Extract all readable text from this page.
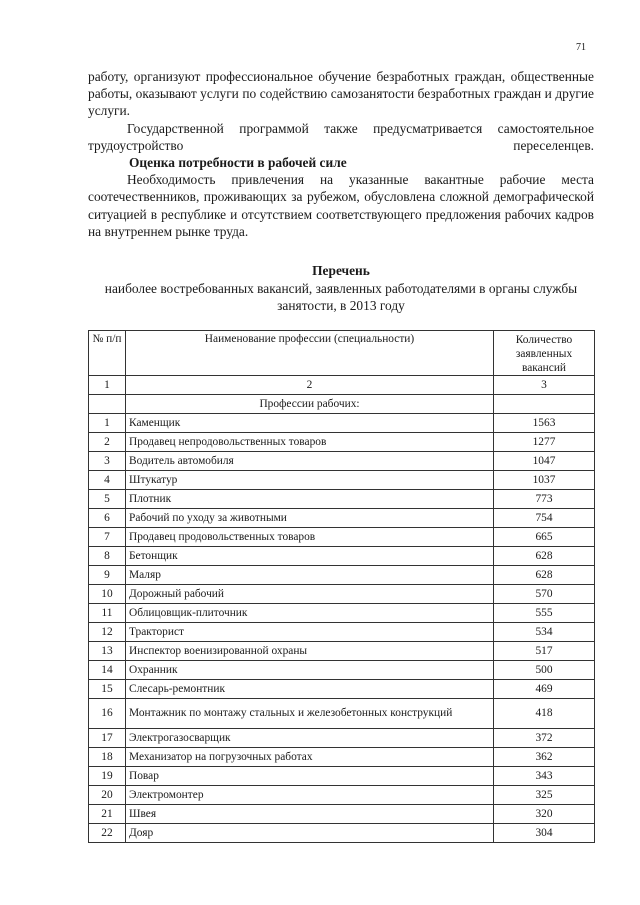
71

работу, организуют профессиональное обучение безработных граждан, общественные работы, оказывают услуги по содействию самозанятости безработных граждан и другие услуги.

Государственной программой также предусматривается самостоятельное трудоустройство переселенцев.

Оценка потребности в рабочей силе

Необходимость привлечения на указанные вакантные рабочие места соотечественников, проживающих за рубежом, обусловлена сложной демографической ситуацией в республике и отсутствием соответствующего предложения рабочих кадров на внутреннем рынке труда.

Перечень
наиболее востребованных вакансий, заявленных работодателями в органы службы занятости, в 2013 году
№ п/п	Наименование профессии (специальности)	Количество заявленных вакансий
1	2	3
	Профессии рабочих:	
1	Каменщик	1563
2	Продавец непродовольственных товаров	1277
3	Водитель автомобиля	1047
4	Штукатур	1037
5	Плотник	773
6	Рабочий по уходу за животными	754
7	Продавец продовольственных товаров	665
8	Бетонщик	628
9	Маляр	628
10	Дорожный рабочий	570
11	Облицовщик-плиточник	555
12	Тракторист	534
13	Инспектор военизированной охраны	517
14	Охранник	500
15	Слесарь-ремонтник	469
16	Монтажник по монтажу стальных и железобетонных конструкций	418
17	Электрогазосварщик	372
18	Механизатор на погрузочных работах	362
19	Повар	343
20	Электромонтер	325
21	Швея	320
22	Дояр	304
